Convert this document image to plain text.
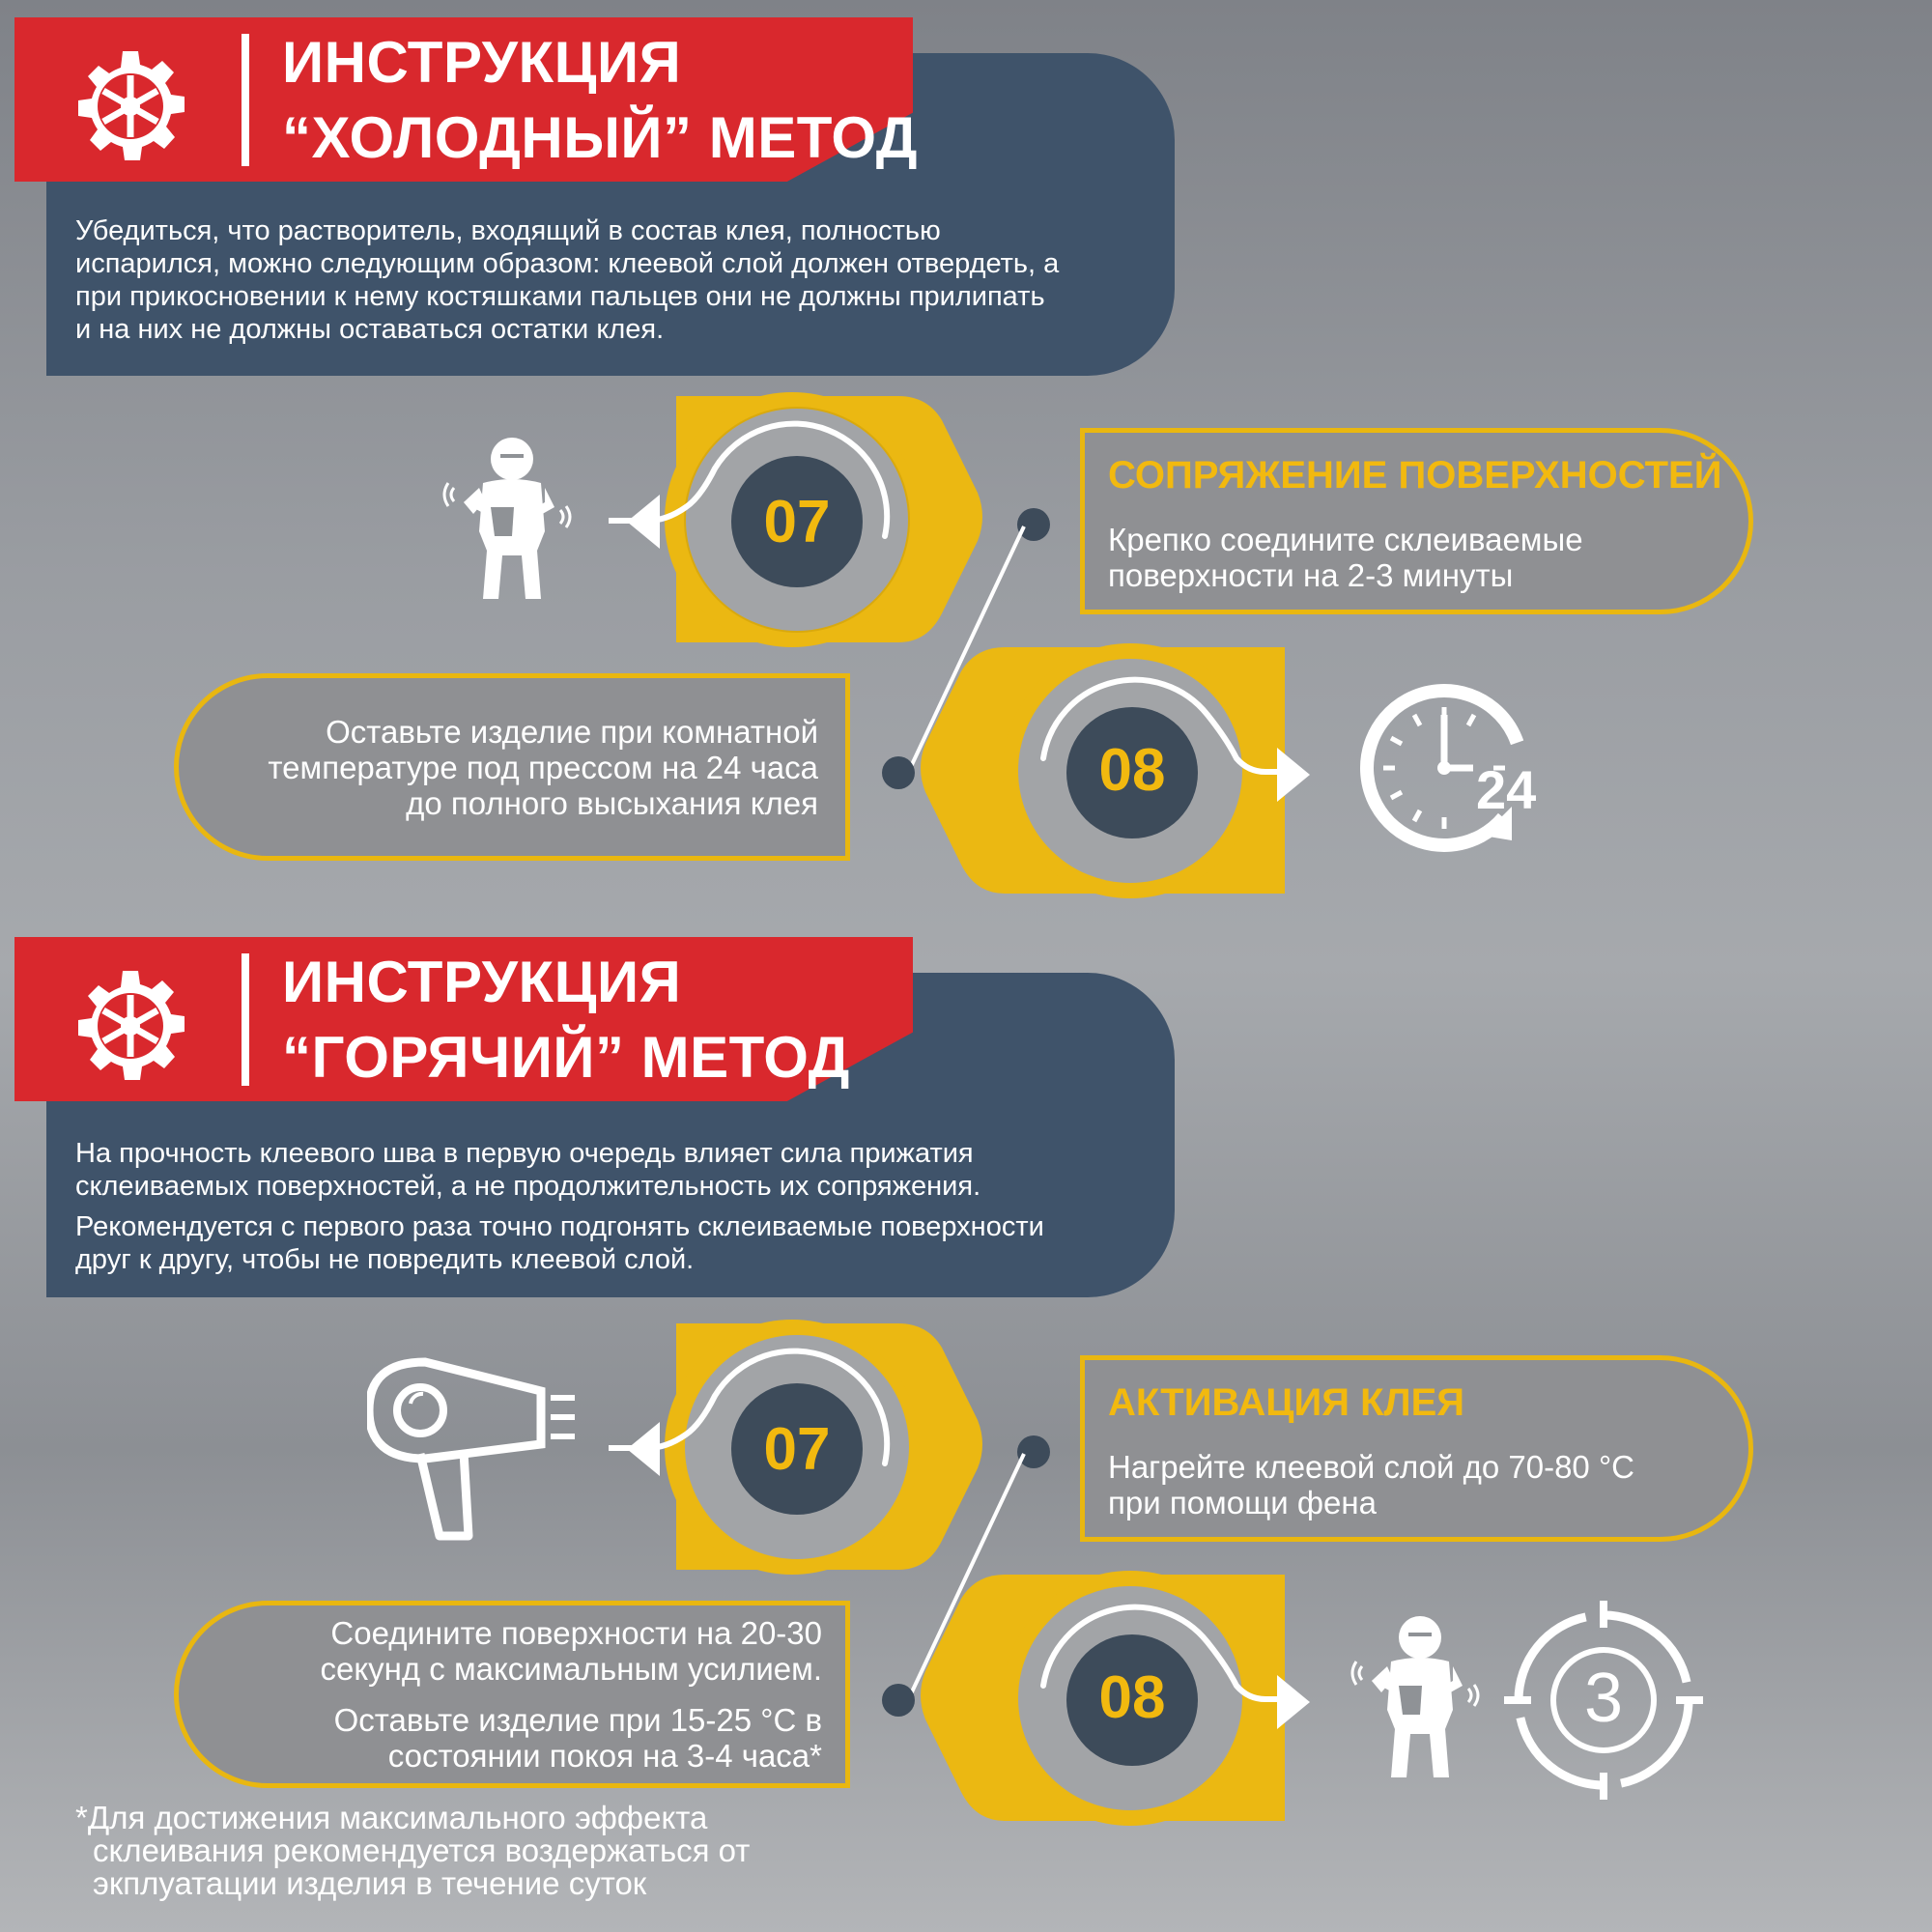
ИНСТРУКЦИЯ
“ХОЛОДНЫЙ” МЕТОД
Убедиться, что растворитель, входящий в состав клея, полностью
испарился, можно следующим образом: клеевой слой должен отвердеть, а
при прикосновении к нему костяшками пальцев они не должны прилипать
и на них не должны оставаться остатки клея.
07
СОПРЯЖЕНИЕ ПОВЕРХНОСТЕЙ
Крепко соедините склеиваемые
поверхности на 2-3 минуты
Оставьте изделие при комнатной
температуре под прессом на 24 часа
до полного высыхания клея	08	24
ИНСТРУКЦИЯ
“ГОРЯЧИЙ” МЕТОД
На прочность клеевого шва в первую очередь влияет сила прижатия
склеиваемых поверхностей, а не продолжительность их сопряжения.
Рекомендуется с первого раза точно подгонять склеиваемые поверхности
друг к другу, чтобы не повредить клеевой слой.
07
АКТИВАЦИЯ КЛЕЯ
Нагрейте клеевой слой до 70-80 °С
при помощи фена
Соедините поверхности на 20-30
секунд с максимальным усилием.
Оставьте изделие при 15-25 °С в
состоянии покоя на 3-4 часа*
08	3
*Для достижения максимального эффекта
склеивания рекомендуется воздержаться от
экплуатации изделия в течение суток
